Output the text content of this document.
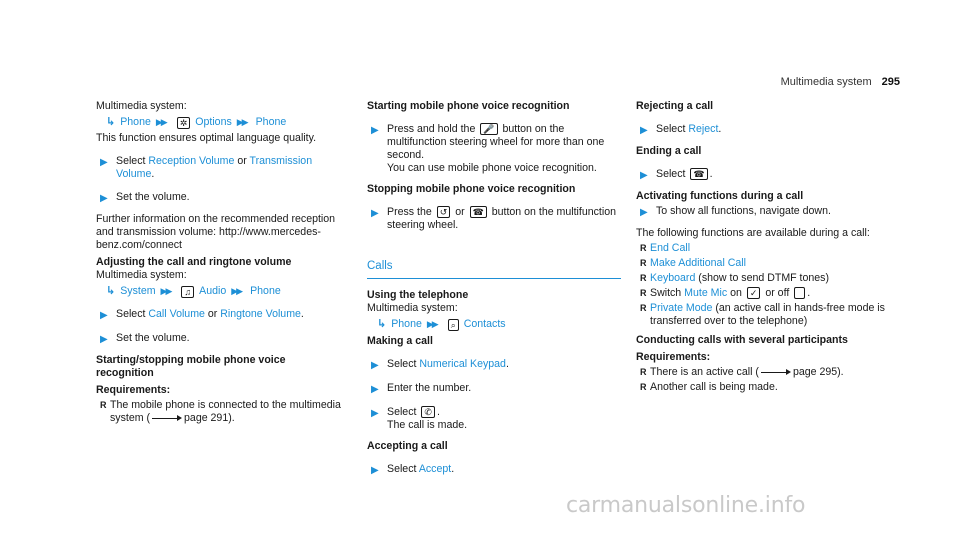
Multimedia system 295
Multimedia system:
↳ Phone ▶▶	✲ Options ▶▶ Phone
This function ensures optimal language quality.
▶ Select Reception Volume or Transmission Volume.
▶ Set the volume.
Further information on the recommended reception and transmission volume: http://www.mercedes-benz.com/connect
Adjusting the call and ringtone volume
Multimedia system:
↳ System ▶▶	♫ Audio ▶▶ Phone
▶ Select Call Volume or Ringtone Volume.
▶ Set the volume.
Starting/stopping mobile phone voice recognition
Requirements:
R The mobile phone is connected to the multimedia system (	page 291).
Starting mobile phone voice recognition
▶ Press and hold the 🎤 button on the multifunction steering wheel for more than one second.
You can use mobile phone voice recognition.
Stopping mobile phone voice recognition
▶ Press the ↺ or ☎ button on the multifunction steering wheel.
Calls
Using the telephone
Multimedia system:
↳ Phone ▶▶	⌕ Contacts
Making a call
▶ Select Numerical Keypad.
▶ Enter the number.
▶ Select ✆ .
The call is made.
Accepting a call
▶ Select Accept.
Rejecting a call
▶ Select Reject.
Ending a call
▶ Select ☎ .
Activating functions during a call
▶ To show all functions, navigate down.
The following functions are available during a call:
R End Call
R Make Additional Call
R Keyboard (show to send DTMF tones)
R Switch Mute Mic on ✓ or off .
R Private Mode (an active call in hands-free mode is transferred over to the telephone)
Conducting calls with several participants
Requirements:
R There is an active call (	page 295).
R Another call is being made.
carmanualsonline.info
